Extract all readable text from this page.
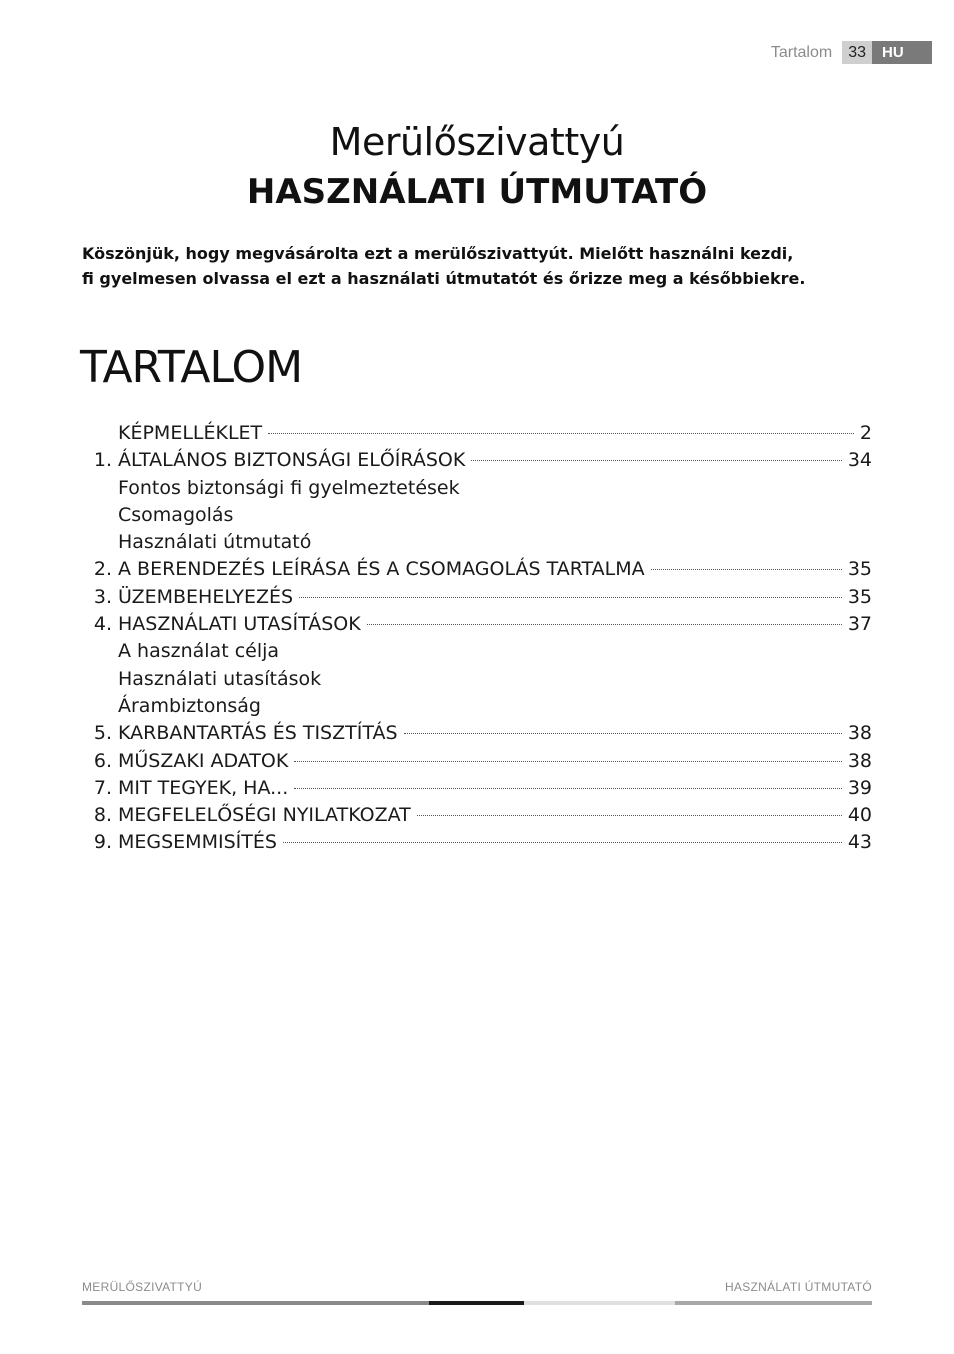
Tartalom	33	HU
Merülőszivattyú
HASZNÁLATI ÚTMUTATÓ
Köszönjük, hogy megvásárolta ezt a merülőszivattyút. Mielőtt használni kezdi,
fi gyelmesen olvassa el ezt a használati útmutatót és őrizze meg a későbbiekre.
TARTALOM
KÉPMELLÉKLET	2
1. ÁLTALÁNOS BIZTONSÁGI ELŐÍRÁSOK	34
Fontos biztonsági fi gyelmeztetések
Csomagolás
Használati útmutató
2. A BERENDEZÉS LEÍRÁSA ÉS A CSOMAGOLÁS TARTALMA	35
3. ÜZEMBEHELYEZÉS	35
4. HASZNÁLATI UTASÍTÁSOK	37
A használat célja
Használati utasítások
Árambiztonság
5. KARBANTARTÁS ÉS TISZTÍTÁS	38
6. MŰSZAKI ADATOK	38
7. MIT TEGYEK, HA...	39
8. MEGFELELŐSÉGI NYILATKOZAT	40
9. MEGSEMMISÍTÉS	43
MERÜLŐSZIVATTYÚ	HASZNÁLATI ÚTMUTATÓ
